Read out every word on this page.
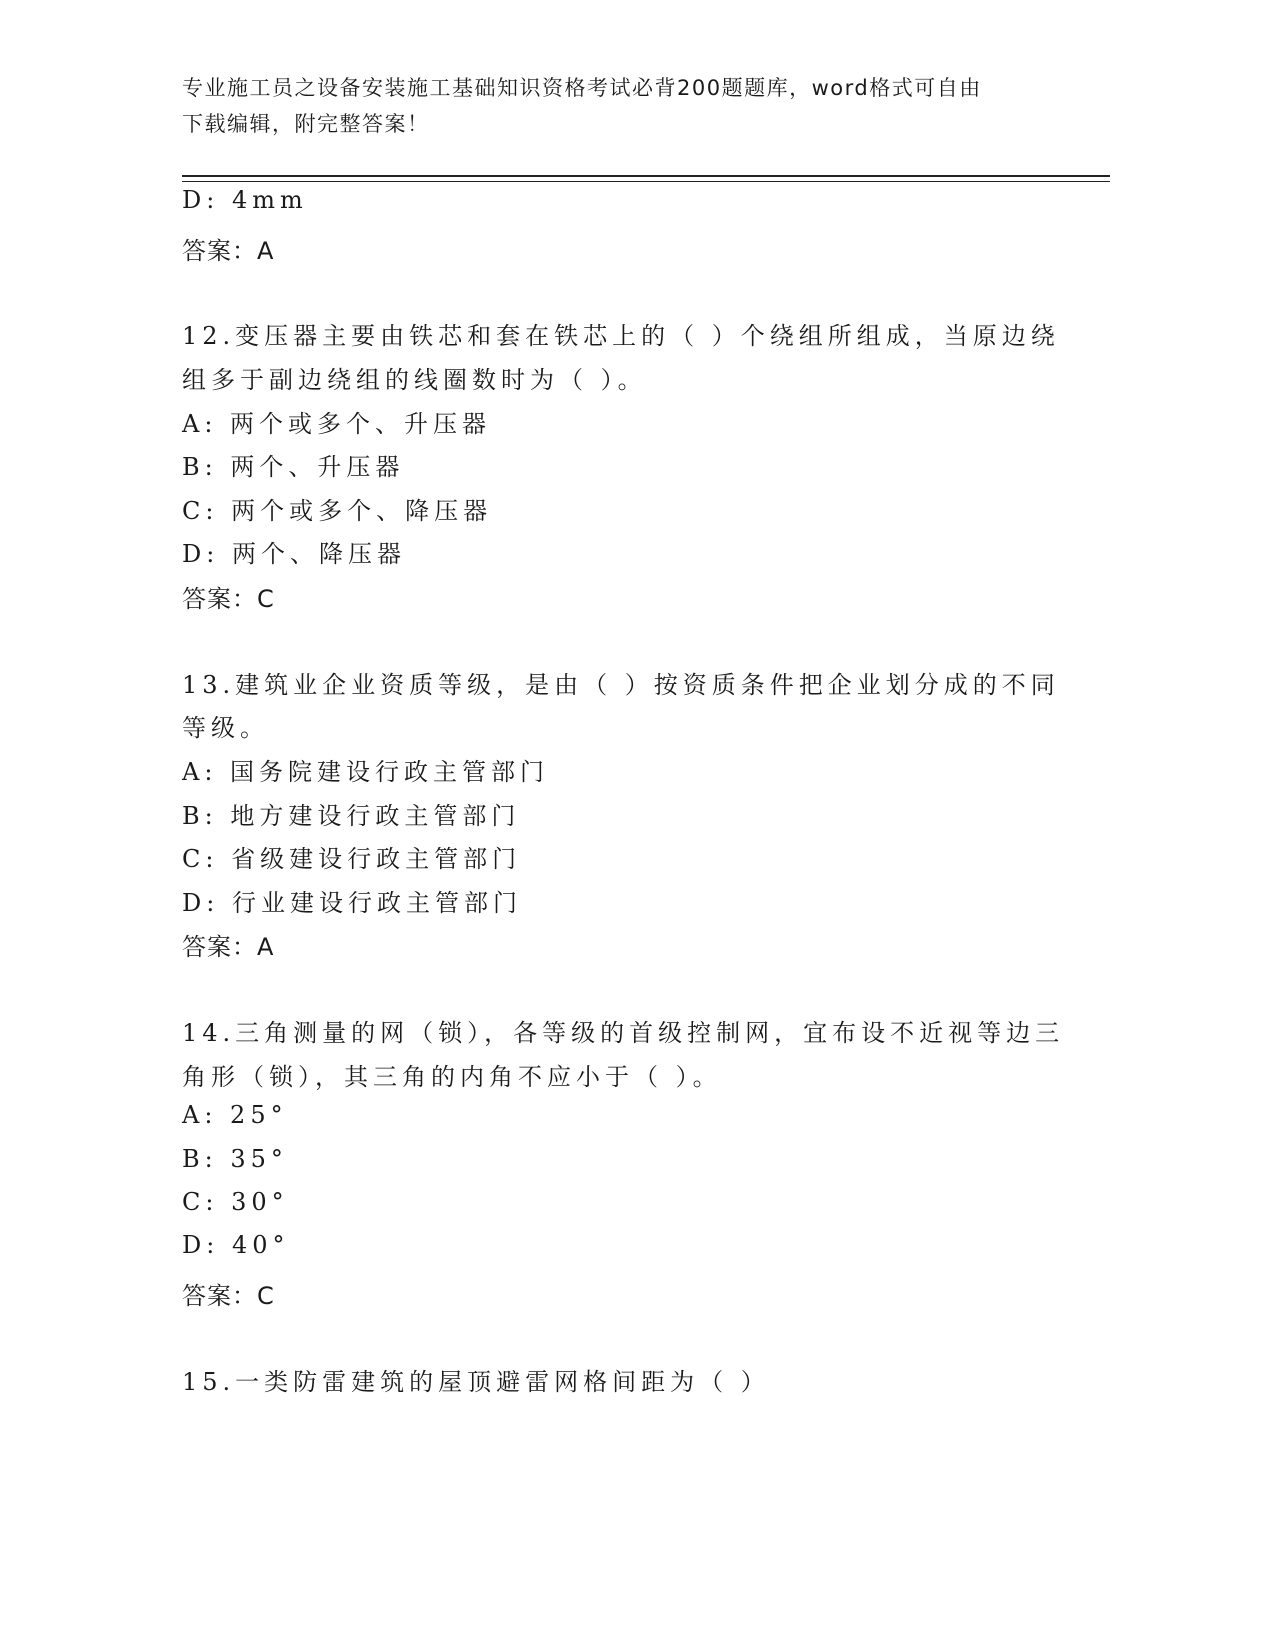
专业施工员之设备安装施工基础知识资格考试必背200题题库，word格式可自由
下载编辑，附完整答案！
D: 4mm
答案：A
12.变压器主要由铁芯和套在铁芯上的（ ）个绕组所组成，当原边绕
组多于副边绕组的线圈数时为（ ）。
A: 两个或多个、升压器
B: 两个、升压器
C: 两个或多个、降压器
D: 两个、降压器
答案：C
13.建筑业企业资质等级，是由（ ）按资质条件把企业划分成的不同
等级。
A: 国务院建设行政主管部门
B: 地方建设行政主管部门
C: 省级建设行政主管部门
D: 行业建设行政主管部门
答案：A
14.三角测量的网（锁），各等级的首级控制网，宜布设不近视等边三
角形（锁），其三角的内角不应小于（ ）。
A: 25°
B: 35°
C: 30°
D: 40°
答案：C
15.一类防雷建筑的屋顶避雷网格间距为（ ）
